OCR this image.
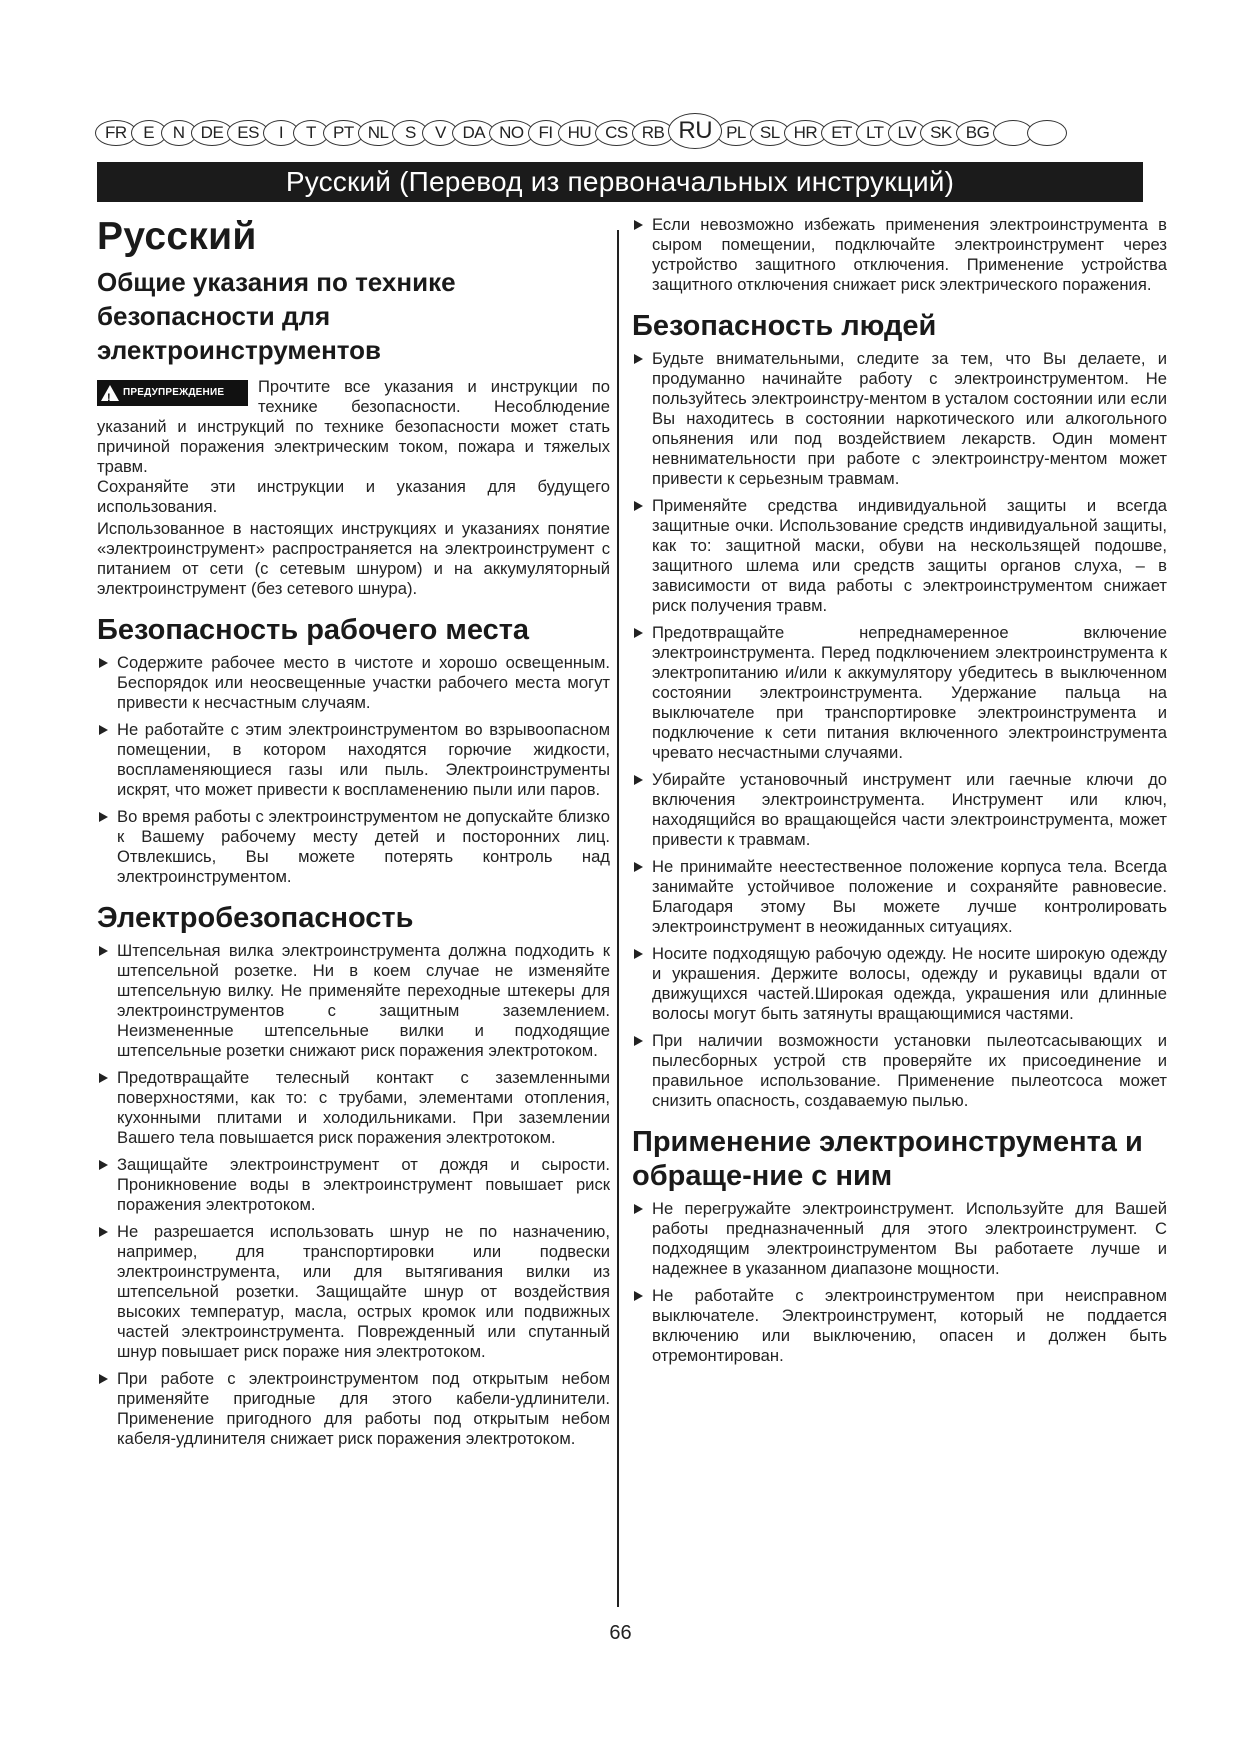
FR E	N DE ES	I	T	PT NL S	V DA NO FI HU CS RB RU PL SL HR ET LT LV SK BG
Русский (Перевод из первоначальных инструкций)
Русский
Общие указания по технике безопасности для электроинструментов
! ПРЕДУПРЕЖДЕНИЕ Прочтите все указания и инструкции по технике безопасности. Несоблюдение указаний и инструкций по технике безопасности может стать причиной поражения электрическим током, пожара и тяжелых травм.

Сохраняйте эти инструкции и указания для будущего использования.

Использованное в настоящих инструкциях и указаниях понятие «электроинструмент» распространяется на электроинструмент с питанием от сети (с сетевым шнуром) и на аккумуляторный электроинструмент (без сетевого шнура).

Безопасность рабочего места
Содержите рабочее место в чистоте и хорошо освещенным. Беспорядок или неосвещенные участки рабочего места могут привести к несчастным случаям.
Не работайте с этим электроинструментом во взрывоопасном помещении, в котором находятся горючие жидкости, воспламеняющиеся газы или пыль. Электроинструменты искрят, что может привести к воспламенению пыли или паров.
Во время работы с электроинструментом не допускайте близко к Вашему рабочему месту детей и посторонних лиц. Отвлекшись, Вы можете потерять контроль над электроинструментом.
Электробезопасность
Штепсельная вилка электроинструмента должна подходить к штепсельной розетке. Ни в коем случае не изменяйте штепсельную вилку. Не применяйте переходные штекеры для электроинструментов с защитным заземлением. Неизмененные штепсельные вилки и подходящие штепсельные розетки снижают риск поражения электротоком.
Предотвращайте телесный контакт с заземленными поверхностями, как то: с трубами, элементами отопления, кухонными плитами и холодильниками. При заземлении Вашего тела повышается риск поражения электротоком.
Защищайте электроинструмент от дождя и сырости. Проникновение воды в электроинструмент повышает риск поражения электротоком.
Не разрешается использовать шнур не по назначению, например, для транспортировки или подвески электроинструмента, или для вытягивания вилки из штепсельной розетки. Защищайте шнур от воздействия высоких температур, масла, острых кромок или подвижных частей электроинструмента. Поврежденный или спутанный шнур повышает риск пораже ния электротоком.
При работе с электроинструментом под открытым небом применяйте пригодные для этого кабели-удлинители. Применение пригодного для работы под открытым небом кабеля-удлинителя снижает риск поражения электротоком.
Если невозможно избежать применения электроинструмента в сыром помещении, подключайте электроинструмент через устройство защитного отключения. Применение устройства защитного отключения снижает риск электрического поражения.
Безопасность людей
Будьте внимательными, следите за тем, что Вы делаете, и продуманно начинайте работу с электроинструментом. Не пользуйтесь электроинстру-ментом в усталом состоянии или если Вы находитесь в состоянии наркотического или алкогольного опьянения или под воздействием лекарств. Один момент невнимательности при работе с электроинстру-ментом может привести к серьезным травмам.
Применяйте средства индивидуальной защиты и всегда защитные очки. Использование средств индивидуальной защиты, как то: защитной маски, обуви на нескользящей подошве, защитного шлема или средств защиты органов слуха, – в зависимости от вида работы с электроинструментом снижает риск получения травм.
Предотвращайте непреднамеренное включение электроинструмента. Перед подключением электроинструмента к электропитанию и/или к аккумулятору убедитесь в выключенном состоянии электроинструмента. Удержание пальца на выключателе при транспортировке электроинструмента и подключение к сети питания включенного электроинструмента чревато несчастными случаями.
Убирайте установочный инструмент или гаечные ключи до включения электроинструмента. Инструмент или ключ, находящийся во вращающейся части электроинструмента, может привести к травмам.
Не принимайте неестественное положение корпуса тела. Всегда занимайте устойчивое положение и сохраняйте равновесие. Благодаря этому Вы можете лучше контролировать электроинструмент в неожиданных ситуациях.
Носите подходящую рабочую одежду. Не носите широкую одежду и украшения. Держите волосы, одежду и рукавицы вдали от движущихся частей.Широкая одежда, украшения или длинные волосы могут быть затянуты вращающимися частями.
При наличии возможности установки пылеотсасывающих и пылесборных устрой ств проверяйте их присоединение и правильное использование. Применение пылеотсоса может снизить опасность, создаваемую пылью.
Применение электроинструмента и обраще-ние с ним
Не перегружайте электроинструмент. Используйте для Вашей работы предназначенный для этого электроинструмент. С подходящим электроинструментом Вы работаете лучше и надежнее в указанном диапазоне мощности.
Не работайте с электроинструментом при неисправном выключателе. Электроинструмент, который не поддается включению или выключению, опасен и должен быть отремонтирован.
66
